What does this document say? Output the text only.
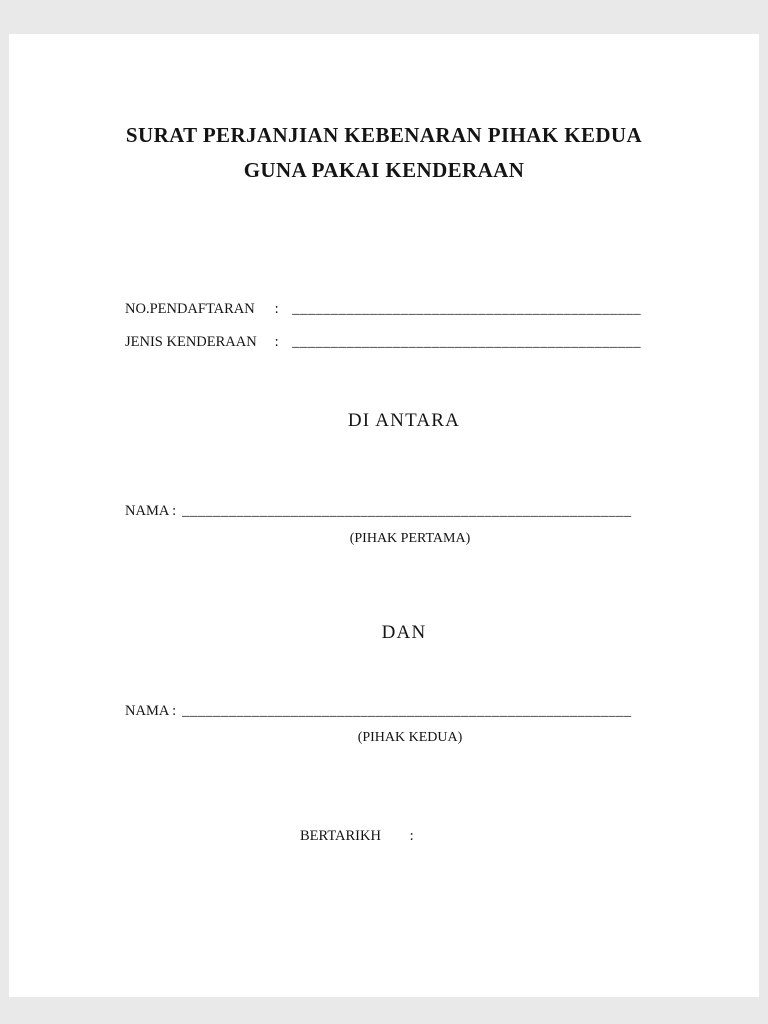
SURAT PERJANJIAN KEBENARAN PIHAK KEDUA
GUNA PAKAI KENDERAAN
NO.PENDAFTARAN : _____________________________________________
JENIS KENDERAAN : _____________________________________________
DI ANTARA
NAMA : __________________________________________________________
(PIHAK PERTAMA)
DAN
NAMA : __________________________________________________________
(PIHAK KEDUA)
BERTARIKH :
